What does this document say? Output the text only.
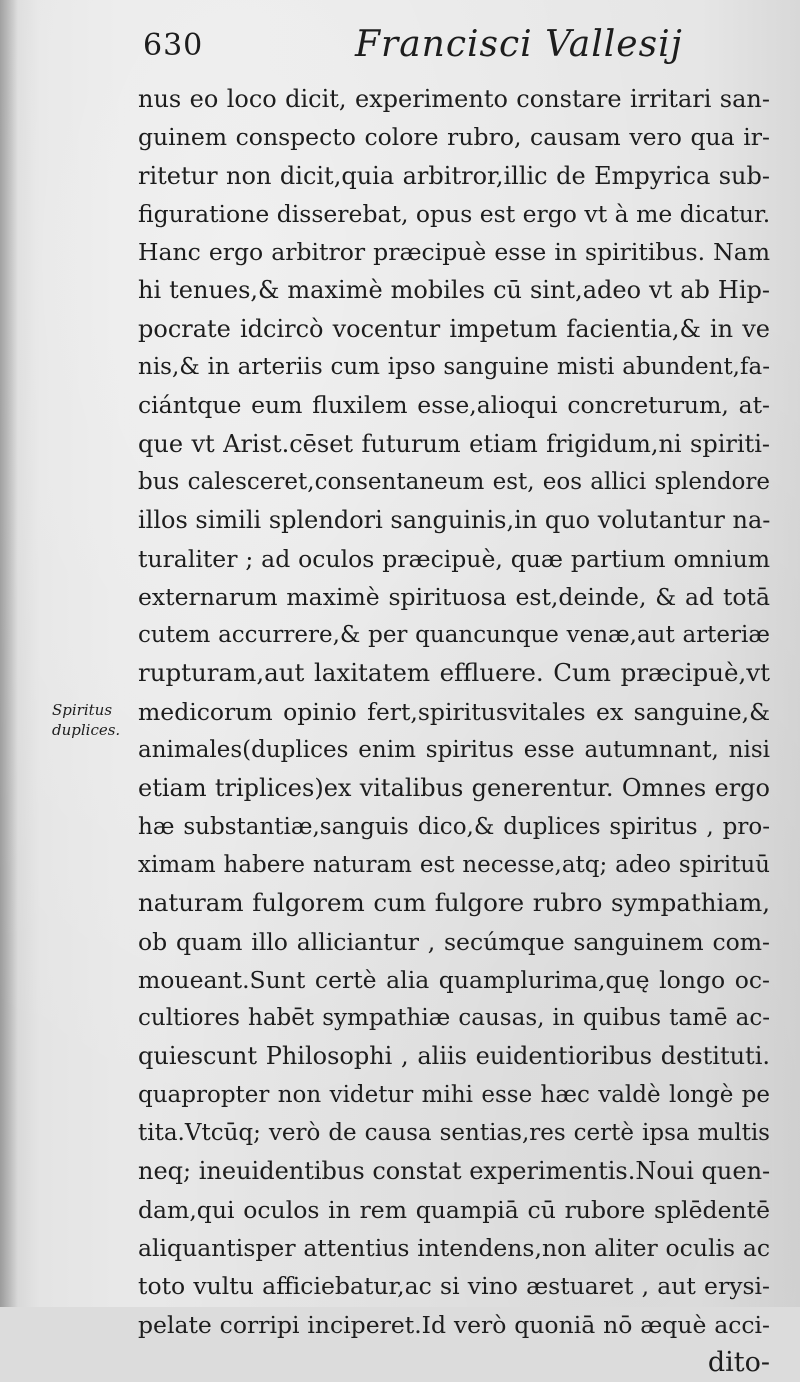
630	Francisci Vallesij
Spiritus
duplices.
nus eo loco dicit, experimento constare irritari san-
guinem conspecto colore rubro, causam vero qua ir-
ritetur non dicit,quia arbitror,illic de Empyrica sub-
figuratione disserebat, opus est ergo vt à me dicatur.
Hanc ergo arbitror præcipuè esse in spiritibus. Nam
hi tenues,& maximè mobiles cū sint,adeo vt ab Hip-
pocrate idcircò vocentur impetum facientia,& in ve
nis,& in arteriis cum ipso sanguine misti abundent,fa-
ciántque eum fluxilem esse,alioqui concreturum, at-
que vt Arist.cēset futurum etiam frigidum,ni spiriti-
bus calesceret,consentaneum est, eos allici splendore
illos simili splendori sanguinis,in quo volutantur na-
turaliter ; ad oculos præcipuè, quæ partium omnium
externarum maximè spirituosa est,deinde, & ad totā
cutem accurrere,& per quancunque venæ,aut arteriæ
rupturam,aut laxitatem effluere. Cum præcipuè,vt
medicorum opinio fert,spiritusvitales ex sanguine,&
animales(duplices enim spiritus esse autumnant, nisi
etiam triplices)ex vitalibus generentur. Omnes ergo
hæ substantiæ,sanguis dico,& duplices spiritus , pro-
ximam habere naturam est necesse,atq; adeo spirituū
naturam fulgorem cum fulgore rubro sympathiam,
ob quam illo alliciantur , secúmque sanguinem com-
moueant.Sunt certè alia quamplurima,quę longo oc-
cultiores habēt sympathiæ causas, in quibus tamē ac-
quiescunt Philosophi , aliis euidentioribus destituti.
quapropter non videtur mihi esse hæc valdè longè pe
tita.Vtcūq; verò de causa sentias,res certè ipsa multis
neq; ineuidentibus constat experimentis.Noui quen-
dam,qui oculos in rem quampiā cū rubore splēdentē
aliquantisper attentius intendens,non aliter oculis ac
toto vultu afficiebatur,ac si vino æstuaret , aut erysi-
pelate corripi inciperet.Id verò quoniā nō æquè acci-
dito-
